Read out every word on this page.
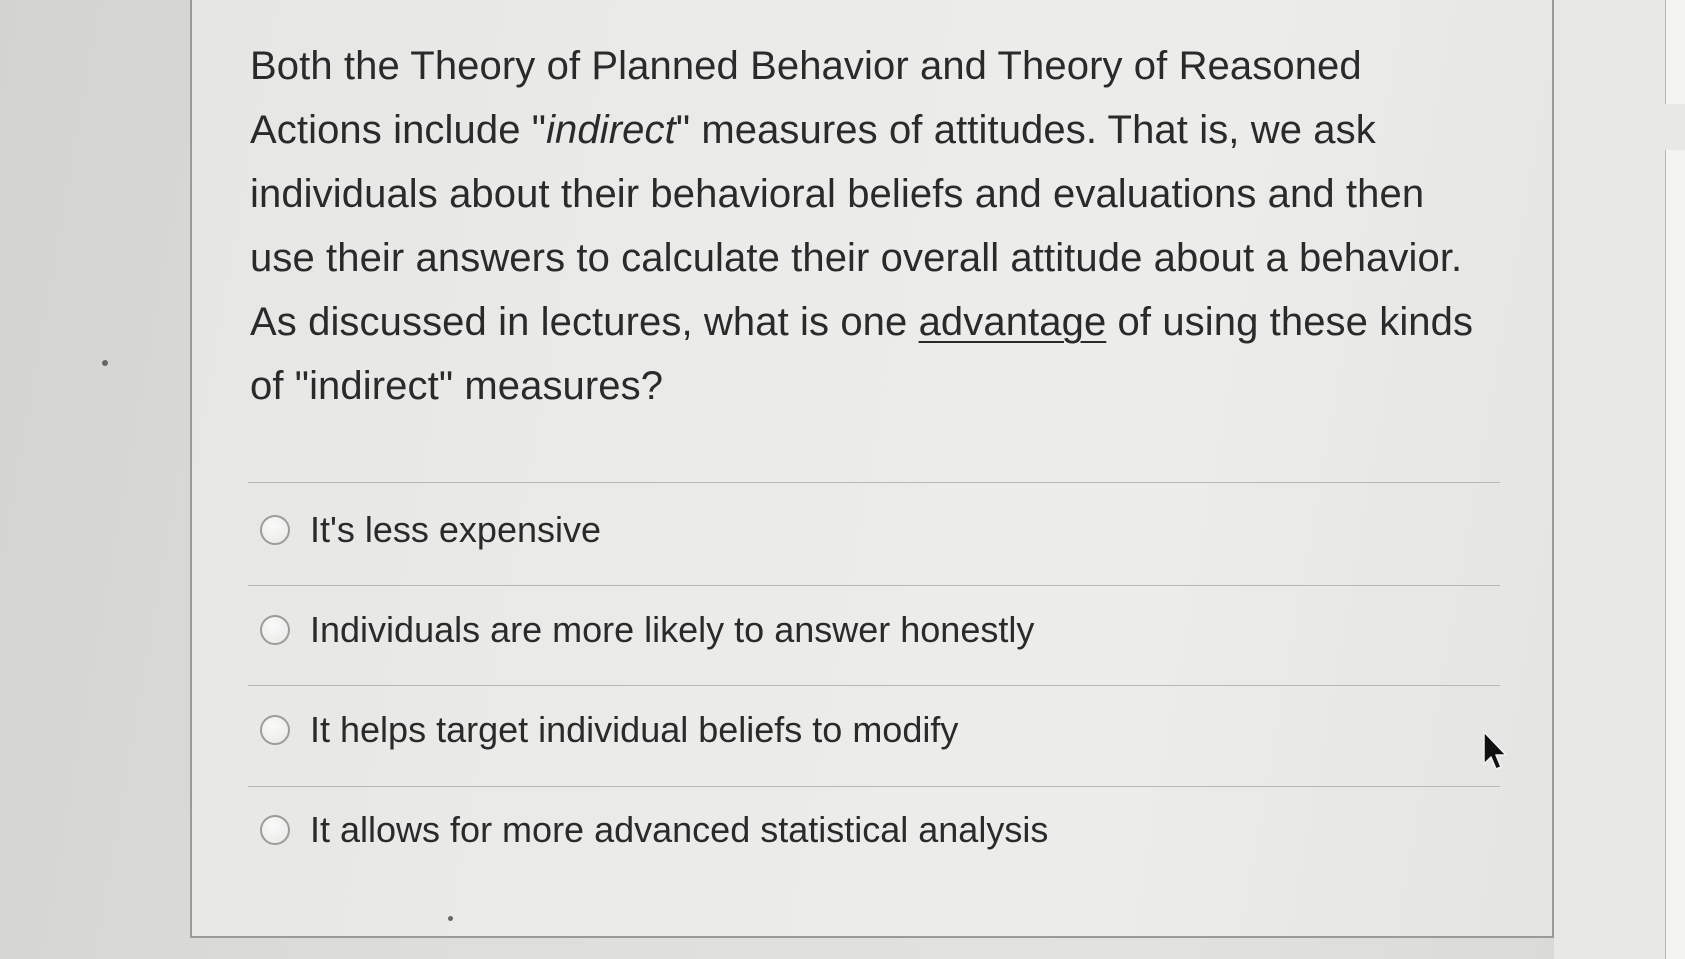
Both the Theory of Planned Behavior and Theory of Reasoned Actions include "indirect" measures of attitudes. That is, we ask individuals about their behavioral beliefs and evaluations and then use their answers to calculate their overall attitude about a behavior. As discussed in lectures, what is one advantage of using these kinds of "indirect" measures?

It's less expensive
Individuals are more likely to answer honestly
It helps target individual beliefs to modify
It allows for more advanced statistical analysis
